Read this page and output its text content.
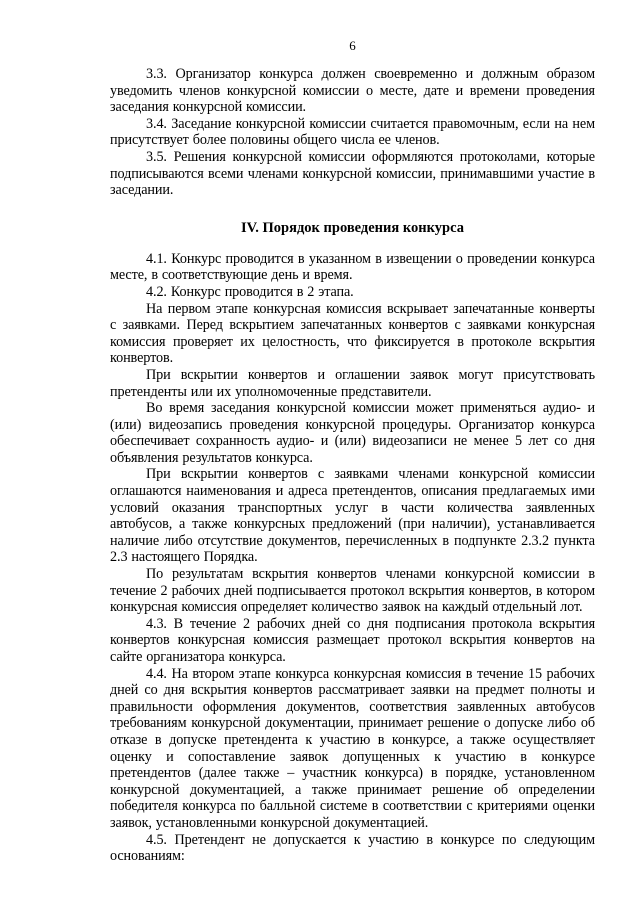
6

3.3. Организатор конкурса должен своевременно и должным образом уведомить членов конкурсной комиссии о месте, дате и времени проведения заседания конкурсной комиссии.

3.4. Заседание конкурсной комиссии считается правомочным, если на нем присутствует более половины общего числа ее членов.

3.5. Решения конкурсной комиссии оформляются протоколами, которые подписываются всеми членами конкурсной комиссии, принимавшими участие в заседании.

IV. Порядок проведения конкурса

4.1. Конкурс проводится в указанном в извещении о проведении конкурса месте, в соответствующие день и время.

4.2. Конкурс проводится в 2 этапа.

На первом этапе конкурсная комиссия вскрывает запечатанные конверты с заявками. Перед вскрытием запечатанных конвертов с заявками конкурсная комиссия проверяет их целостность, что фиксируется в протоколе вскрытия конвертов.

При вскрытии конвертов и оглашении заявок могут присутствовать претенденты или их уполномоченные представители.

Во время заседания конкурсной комиссии может применяться аудио- и (или) видеозапись проведения конкурсной процедуры. Организатор конкурса обеспечивает сохранность аудио- и (или) видеозаписи не менее 5 лет со дня объявления результатов конкурса.

При вскрытии конвертов с заявками членами конкурсной комиссии оглашаются наименования и адреса претендентов, описания предлагаемых ими условий оказания транспортных услуг в части количества заявленных автобусов, а также конкурсных предложений (при наличии), устанавливается наличие либо отсутствие документов, перечисленных в подпункте 2.3.2 пункта 2.3 настоящего Порядка.

По результатам вскрытия конвертов членами конкурсной комиссии в течение 2 рабочих дней подписывается протокол вскрытия конвертов, в котором конкурсная комиссия определяет количество заявок на каждый отдельный лот.

4.3. В течение 2 рабочих дней со дня подписания протокола вскрытия конвертов конкурсная комиссия размещает протокол вскрытия конвертов на сайте организатора конкурса.

4.4. На втором этапе конкурса конкурсная комиссия в течение 15 рабочих дней со дня вскрытия конвертов рассматривает заявки на предмет полноты и правильности оформления документов, соответствия заявленных автобусов требованиям конкурсной документации, принимает решение о допуске либо об отказе в допуске претендента к участию в конкурсе, а также осуществляет оценку и сопоставление заявок допущенных к участию в конкурсе претендентов (далее также – участник конкурса) в порядке, установленном конкурсной документацией, а также принимает решение об определении победителя конкурса по балльной системе в соответствии с критериями оценки заявок, установленными конкурсной документацией.

4.5. Претендент не допускается к участию в конкурсе по следующим основаниям:
